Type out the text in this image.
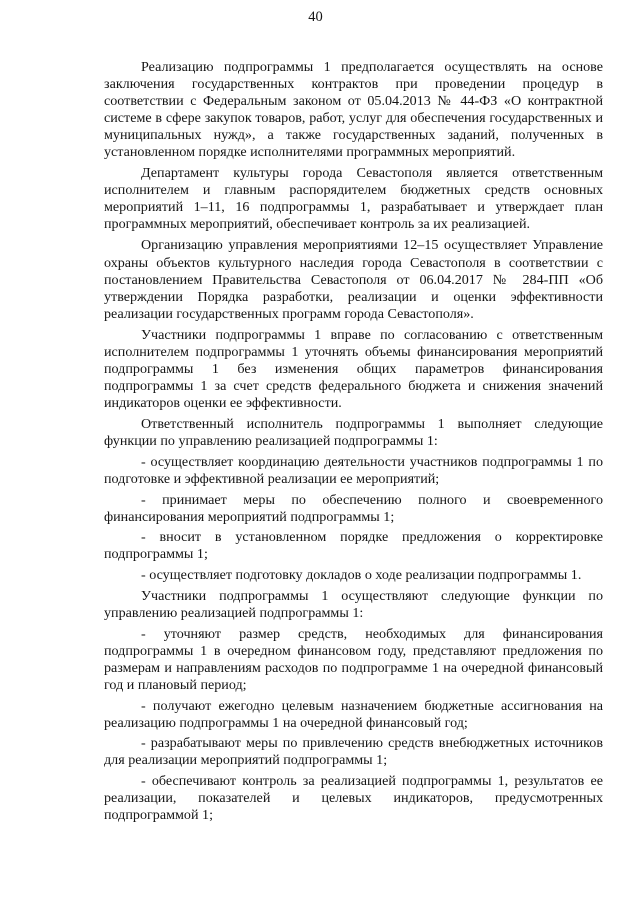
40

Реализацию подпрограммы 1 предполагается осуществлять на основе заключения государственных контрактов при проведении процедур в соответствии с Федеральным законом от 05.04.2013 № 44-ФЗ «О контрактной системе в сфере закупок товаров, работ, услуг для обеспечения государственных и муниципальных нужд», а также государственных заданий, полученных в установленном порядке исполнителями программных мероприятий.

Департамент культуры города Севастополя является ответственным исполнителем и главным распорядителем бюджетных средств основных мероприятий 1–11, 16 подпрограммы 1, разрабатывает и утверждает план программных мероприятий, обеспечивает контроль за их реализацией.

Организацию управления мероприятиями 12–15 осуществляет Управление охраны объектов культурного наследия города Севастополя в соответствии с постановлением Правительства Севастополя от 06.04.2017 № 284-ПП «Об утверждении Порядка разработки, реализации и оценки эффективности реализации государственных программ города Севастополя».

Участники подпрограммы 1 вправе по согласованию с ответственным исполнителем подпрограммы 1 уточнять объемы финансирования мероприятий подпрограммы 1 без изменения общих параметров финансирования подпрограммы 1 за счет средств федерального бюджета и снижения значений индикаторов оценки ее эффективности.

Ответственный исполнитель подпрограммы 1 выполняет следующие функции по управлению реализацией подпрограммы 1:

- осуществляет координацию деятельности участников подпрограммы 1 по подготовке и эффективной реализации ее мероприятий;

- принимает меры по обеспечению полного и своевременного финансирования мероприятий подпрограммы 1;

- вносит в установленном порядке предложения о корректировке подпрограммы 1;

- осуществляет подготовку докладов о ходе реализации подпрограммы 1.

Участники подпрограммы 1 осуществляют следующие функции по управлению реализацией подпрограммы 1:

- уточняют размер средств, необходимых для финансирования подпрограммы 1 в очередном финансовом году, представляют предложения по размерам и направлениям расходов по подпрограмме 1 на очередной финансовый год и плановый период;

- получают ежегодно целевым назначением бюджетные ассигнования на реализацию подпрограммы 1 на очередной финансовый год;

- разрабатывают меры по привлечению средств внебюджетных источников для реализации мероприятий подпрограммы 1;

- обеспечивают контроль за реализацией подпрограммы 1, результатов ее реализации, показателей и целевых индикаторов, предусмотренных подпрограммой 1;
